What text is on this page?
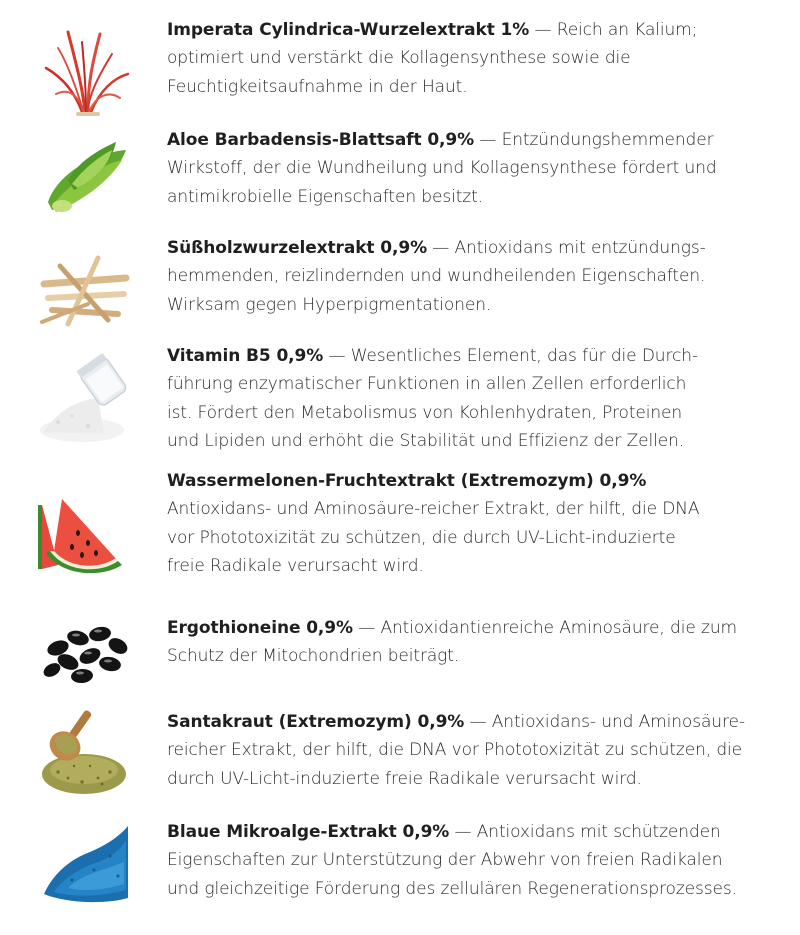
Imperata Cylindrica-Wurzelextrakt 1% — Reich an Kalium;
optimiert und verstärkt die Kollagensynthese sowie die
Feuchtigkeitsaufnahme in der Haut.
Aloe Barbadensis-Blattsaft 0,9% — Entzündungshemmender
Wirkstoff, der die Wundheilung und Kollagensynthese fördert und
antimikrobielle Eigenschaften besitzt.
Süßholzwurzelextrakt 0,9% — Antioxidans mit entzündungs-
hemmenden, reizlindernden und wundheilenden Eigenschaften.
Wirksam gegen Hyperpigmentationen.
Vitamin B5 0,9% — Wesentliches Element, das für die Durch-
führung enzymatischer Funktionen in allen Zellen erforderlich
ist. Fördert den Metabolismus von Kohlenhydraten, Proteinen
und Lipiden und erhöht die Stabilität und Effizienz der Zellen.
Wassermelonen-Fruchtextrakt (Extremozym) 0,9%
Antioxidans- und Aminosäure-reicher Extrakt, der hilft, die DNA
vor Phototoxizität zu schützen, die durch UV-Licht-induzierte
freie Radikale verursacht wird.
Ergothioneine 0,9% — Antioxidantienreiche Aminosäure, die zum
Schutz der Mitochondrien beiträgt.
Santakraut (Extremozym) 0,9% — Antioxidans- und Aminosäure-
reicher Extrakt, der hilft, die DNA vor Phototoxizität zu schützen, die
durch UV-Licht-induzierte freie Radikale verursacht wird.
Blaue Mikroalge-Extrakt 0,9% — Antioxidans mit schützenden
Eigenschaften zur Unterstützung der Abwehr von freien Radikalen
und gleichzeitige Förderung des zellulären Regenerationsprozesses.
